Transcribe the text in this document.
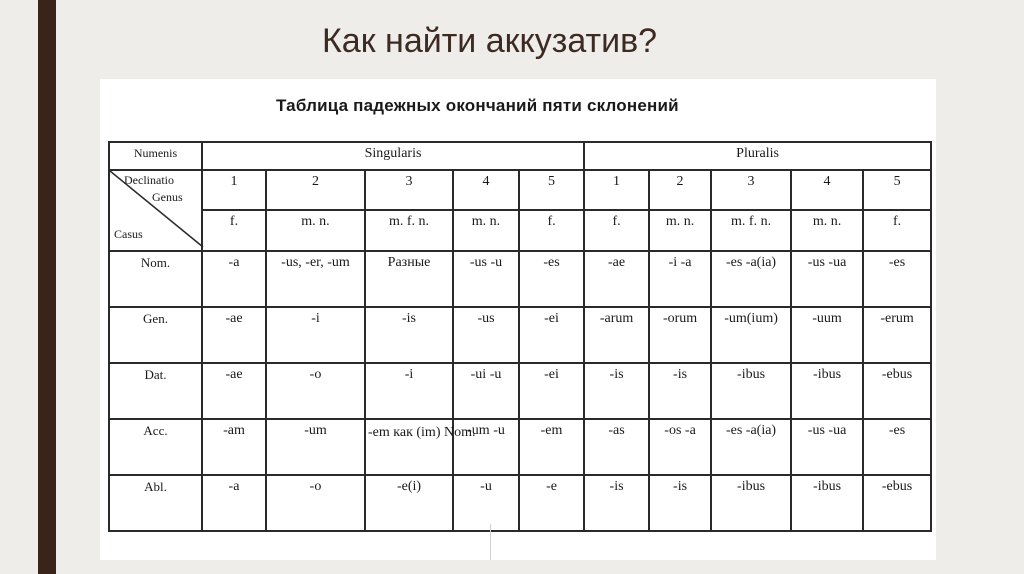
Как найти аккузатив?
Таблица падежных окончаний пяти склонений
Numenis	Singularis					Pluralis				

Declinatio
Genus
Casus	1	2	3	4	5	1	2	3	4	5
	f.	m. n.	m. f. n.	m. n.	f.	f.	m. n.	m. f. n.	m. n.	f.
Nom.	-a	-us, -er, -um	Разные	-us -u	-es	-ae	-i -a	-es -a(ia)	-us -ua	-es
Gen.	-ae	-i	-is	-us	-ei	-arum	-orum	-um(ium)	-uum	-erum
Dat.	-ae	-o	-i	-ui -u	-ei	-is	-is	-ibus	-ibus	-ebus
Acc.	-am	-um	-em как (im) Nom.	-um -u	-em	-as	-os -a	-es -a(ia)	-us -ua	-es
Abl.	-a	-o	-e(i)	-u	-e	-is	-is	-ibus	-ibus	-ebus
